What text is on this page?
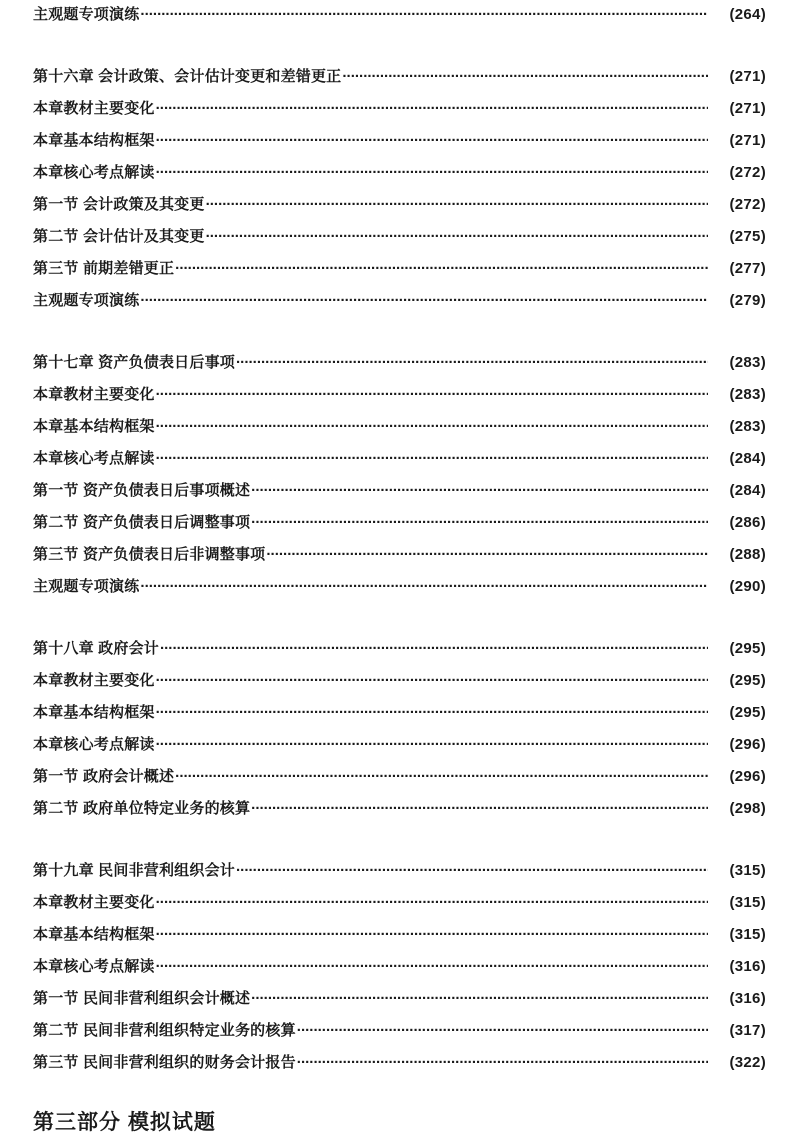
主观题专项演练 .....	(264)
第十六章 会计政策、会计估计变更和差错更正 .....	(271)
本章教材主要变化 .....	(271)
本章基本结构框架 .....	(271)
本章核心考点解读 .....	(272)
第一节 会计政策及其变更 .....	(272)
第二节 会计估计及其变更 .....	(275)
第三节 前期差错更正 .....	(277)
主观题专项演练 .....	(279)
第十七章 资产负债表日后事项 .....	(283)
本章教材主要变化 .....	(283)
本章基本结构框架 .....	(283)
本章核心考点解读 .....	(284)
第一节 资产负债表日后事项概述 .....	(284)
第二节 资产负债表日后调整事项 .....	(286)
第三节 资产负债表日后非调整事项 .....	(288)
主观题专项演练 .....	(290)
第十八章 政府会计 .....	(295)
本章教材主要变化 .....	(295)
本章基本结构框架 .....	(295)
本章核心考点解读 .....	(296)
第一节 政府会计概述 .....	(296)
第二节 政府单位特定业务的核算 .....	(298)
第十九章 民间非营利组织会计 .....	(315)
本章教材主要变化 .....	(315)
本章基本结构框架 .....	(315)
本章核心考点解读 .....	(316)
第一节 民间非营利组织会计概述 .....	(316)
第二节 民间非营利组织特定业务的核算 .....	(317)
第三节 民间非营利组织的财务会计报告 .....	(322)
第三部分 模拟试题
